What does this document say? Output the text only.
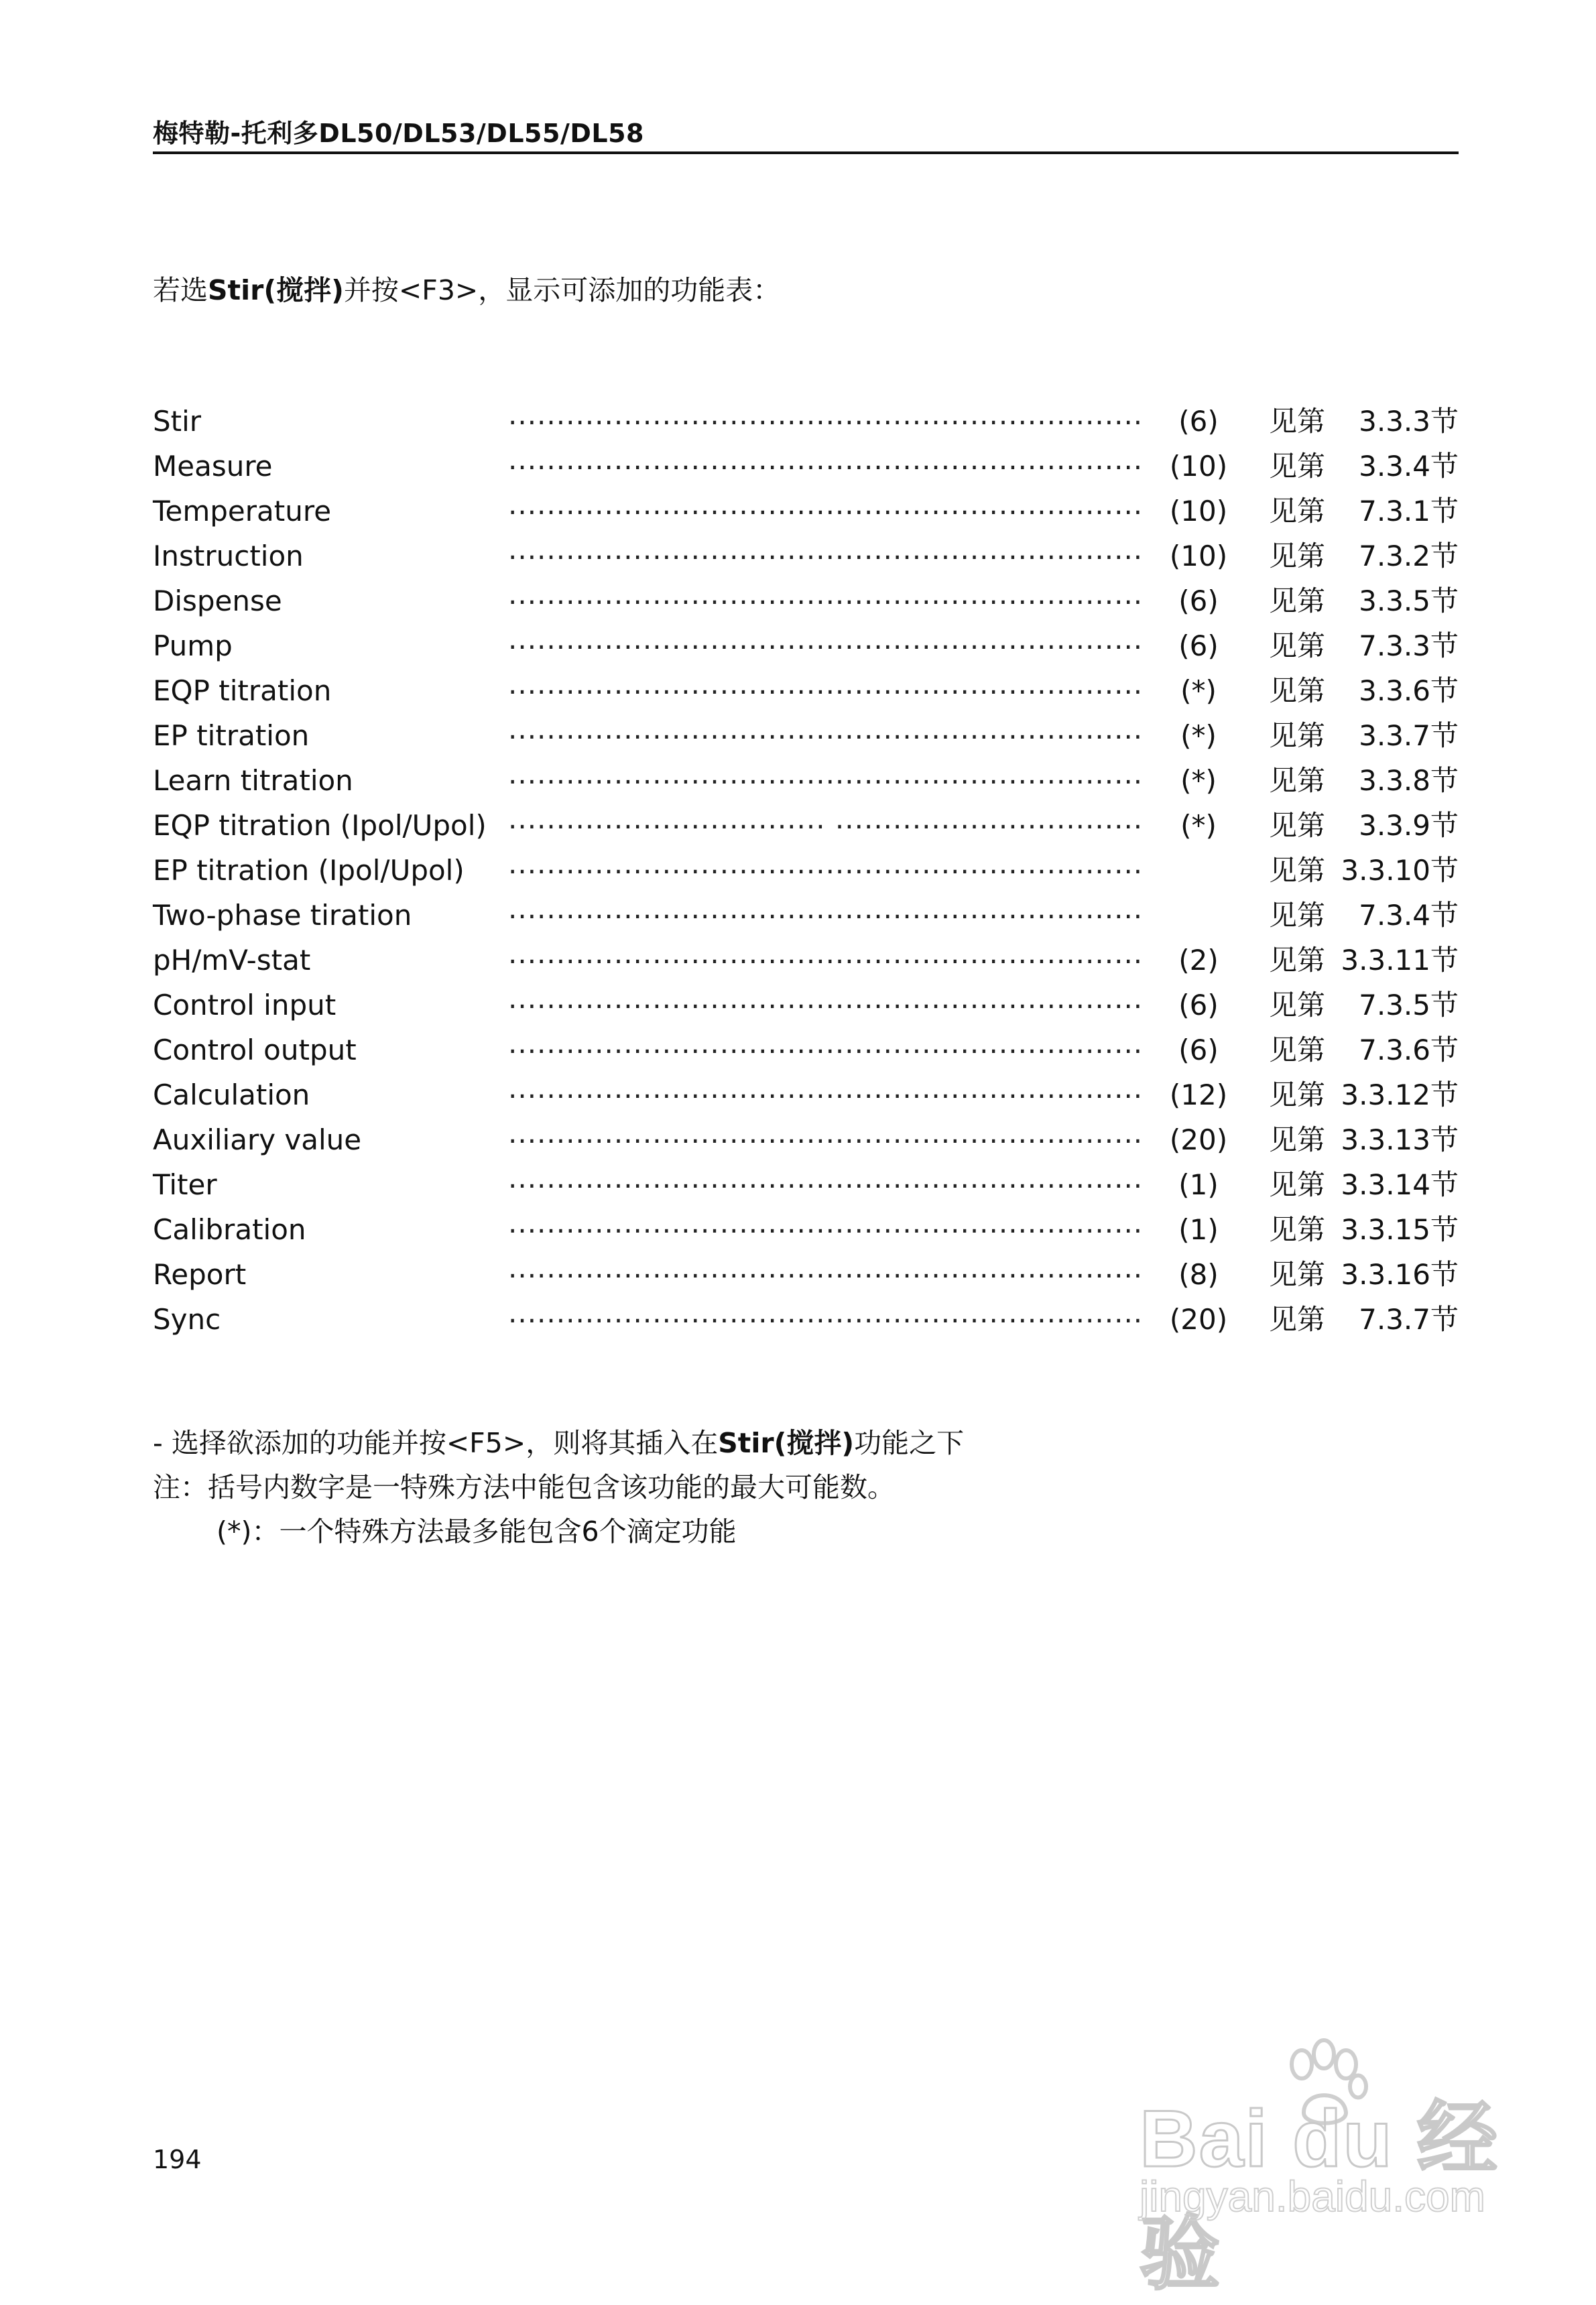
梅特勒-托利多DL50/DL53/DL55/DL58
若选Stir(搅拌)并按<F3>，显示可添加的功能表：
Stir	..................................................................	(6)	见第 3.3.3节
Measure	.................................................................. (10)	见第 3.3.4节
Temperature	.................................................................. (10)	见第 7.3.1节
Instruction	.................................................................. (10)	见第 7.3.2节
Dispense	..................................................................	(6)	见第 3.3.5节
Pump	..................................................................	(6)	见第 7.3.3节
EQP titration	..................................................................	(*)	见第 3.3.6节
EP titration	..................................................................	(*)	见第 3.3.7节
Learn titration	..................................................................	(*)	见第 3.3.8节
EQP titration (Ipol/Upol) ................................. ................................	(*)	见第 3.3.9节
EP titration (Ipol/Upol) ..................................................................	见第 3.3.10节
Two-phase tiration	..................................................................	见第 7.3.4节
pH/mV-stat	..................................................................	(2)	见第 3.3.11节
Control input	..................................................................	(6)	见第 7.3.5节
Control output	..................................................................	(6)	见第 7.3.6节
Calculation	.................................................................. (12)	见第 3.3.12节
Auxiliary value	.................................................................. (20)	见第 3.3.13节
Titer	..................................................................	(1)	见第 3.3.14节
Calibration	..................................................................	(1)	见第 3.3.15节
Report	..................................................................	(8)	见第 3.3.16节
Sync	.................................................................. (20)	见第 7.3.7节
- 选择欲添加的功能并按<F5>，则将其插入在Stir(搅拌)功能之下
注：括号内数字是一特殊方法中能包含该功能的最大可能数。
(*)：一个特殊方法最多能包含6个滴定功能
194	Bai du 经验
jingyan.baidu.com
